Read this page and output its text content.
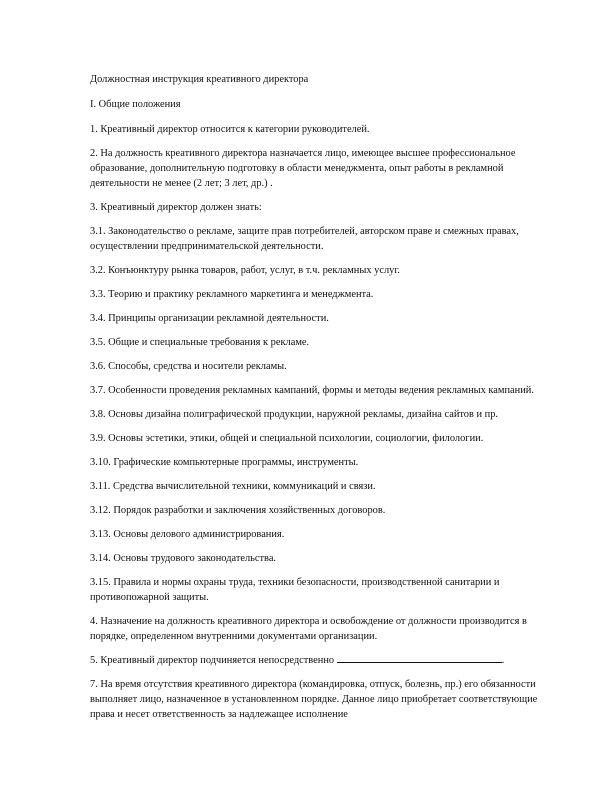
Должностная инструкция креативного директора

I. Общие положения

1. Креативный директор относится к категории руководителей.

2. На должность креативного директора назначается лицо, имеющее высшее профессиональное образование, дополнительную подготовку в области менеджмента, опыт работы в рекламной деятельности не менее (2 лет; 3 лет, др.) .

3. Креативный директор должен знать:

3.1. Законодательство о рекламе, защите прав потребителей, авторском праве и смежных правах, осуществлении предпринимательской деятельности.

3.2. Конъюнктуру рынка товаров, работ, услуг, в т.ч. рекламных услуг.

3.3. Теорию и практику рекламного маркетинга и менеджмента.

3.4. Принципы организации рекламной деятельности.

3.5. Общие и специальные требования к рекламе.

3.6. Способы, средства и носители рекламы.

3.7. Особенности проведения рекламных кампаний, формы и методы ведения рекламных кампаний.

3.8. Основы дизайна полиграфической продукции, наружной рекламы, дизайна сайтов и пр.

3.9. Основы эстетики, этики, общей и специальной психологии, социологии, филологии.

3.10. Графические компьютерные программы, инструменты.

3.11. Средства вычислительной техники, коммуникаций и связи.

3.12. Порядок разработки и заключения хозяйственных договоров.

3.13. Основы делового администрирования.

3.14. Основы трудового законодательства.

3.15. Правила и нормы охраны труда, техники безопасности, производственной санитарии и противопожарной защиты.

4. Назначение на должность креативного директора и освобождение от должности производится в порядке, определенном внутренними документами организации.

5. Креативный директор подчиняется непосредственно	.

7. На время отсутствия креативного директора (командировка, отпуск, болезнь, пр.) его обязанности выполняет лицо, назначенное в установленном порядке. Данное лицо приобретает соответствующие права и несет ответственность за надлежащее исполнение
